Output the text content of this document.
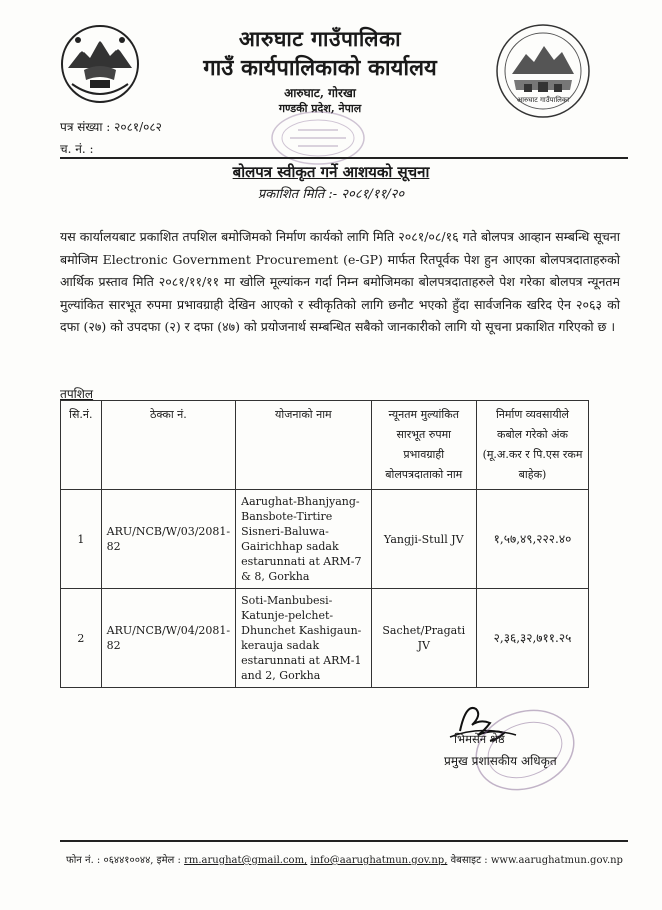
आरुघाट गाउँपालिका
गाउँ कार्यपालिकाको कार्यालय
आरुघाट, गोरखा
गण्डकी प्रदेश, नेपाल
आरुघाट गाउँपालिका
पत्र संख्या : २०८१/०८२
च. नं. :
बोलपत्र स्वीकृत गर्ने आशयको सूचना
प्रकाशित मिति :- २०८१/११/२०
यस कार्यालयबाट प्रकाशित तपशिल बमोजिमको निर्माण कार्यको लागि मिति २०८१/०८/१६ गते बोलपत्र आव्हान सम्बन्धि सूचना बमोजिम Electronic Government Procurement (e-GP) मार्फत रितपूर्वक पेश हुन आएका बोलपत्रदाताहरुको आर्थिक प्रस्ताव मिति २०८१/११/११ मा खोलि मूल्यांकन गर्दा निम्न बमोजिमका बोलपत्रदाताहरुले पेश गरेका बोलपत्र न्यूनतम मुल्यांकित सारभूत रुपमा प्रभावग्राही देखिन आएको र स्वीकृतिको लागि छनौट भएको हुँदा सार्वजनिक खरिद ऐन २०६३ को दफा (२७) को उपदफा (२) र दफा (४७) को प्रयोजनार्थ सम्बन्धित सबैको जानकारीको लागि यो सूचना प्रकाशित गरिएको छ ।
तपशिल
सि.नं.	ठेक्का नं.	योजनाको नाम	न्यूनतम मुल्यांकित सारभूत रुपमा प्रभावग्राही बोलपत्रदाताको नाम	निर्माण व्यवसायीले कबोल गरेको अंक (मू.अ.कर र पि.एस रकम बाहेक)
1	ARU/NCB/W/03/2081-82	Aarughat-Bhanjyang-Bansbote-Tirtire Sisneri-Baluwa-Gairichhap sadak estarunnati at ARM-7 & 8, Gorkha	Yangji-Stull JV	१,५७,४९,२२२.४०
2	ARU/NCB/W/04/2081-82	Soti-Manbubesi-Katunje-pelchet-Dhunchet Kashigaun-kerauja sadak estarunnati at ARM-1 and 2, Gorkha	Sachet/Pragati JV	२,३६,३२,७११.२५
भिमसेन श्रेष्ठ
प्रमुख प्रशासकीय अधिकृत
फोन नं. : ०६४४१००४४, इमेल : rm.arughat@gmail.com, info@aarughatmun.gov.np, वेबसाइट : www.aarughatmun.gov.np
